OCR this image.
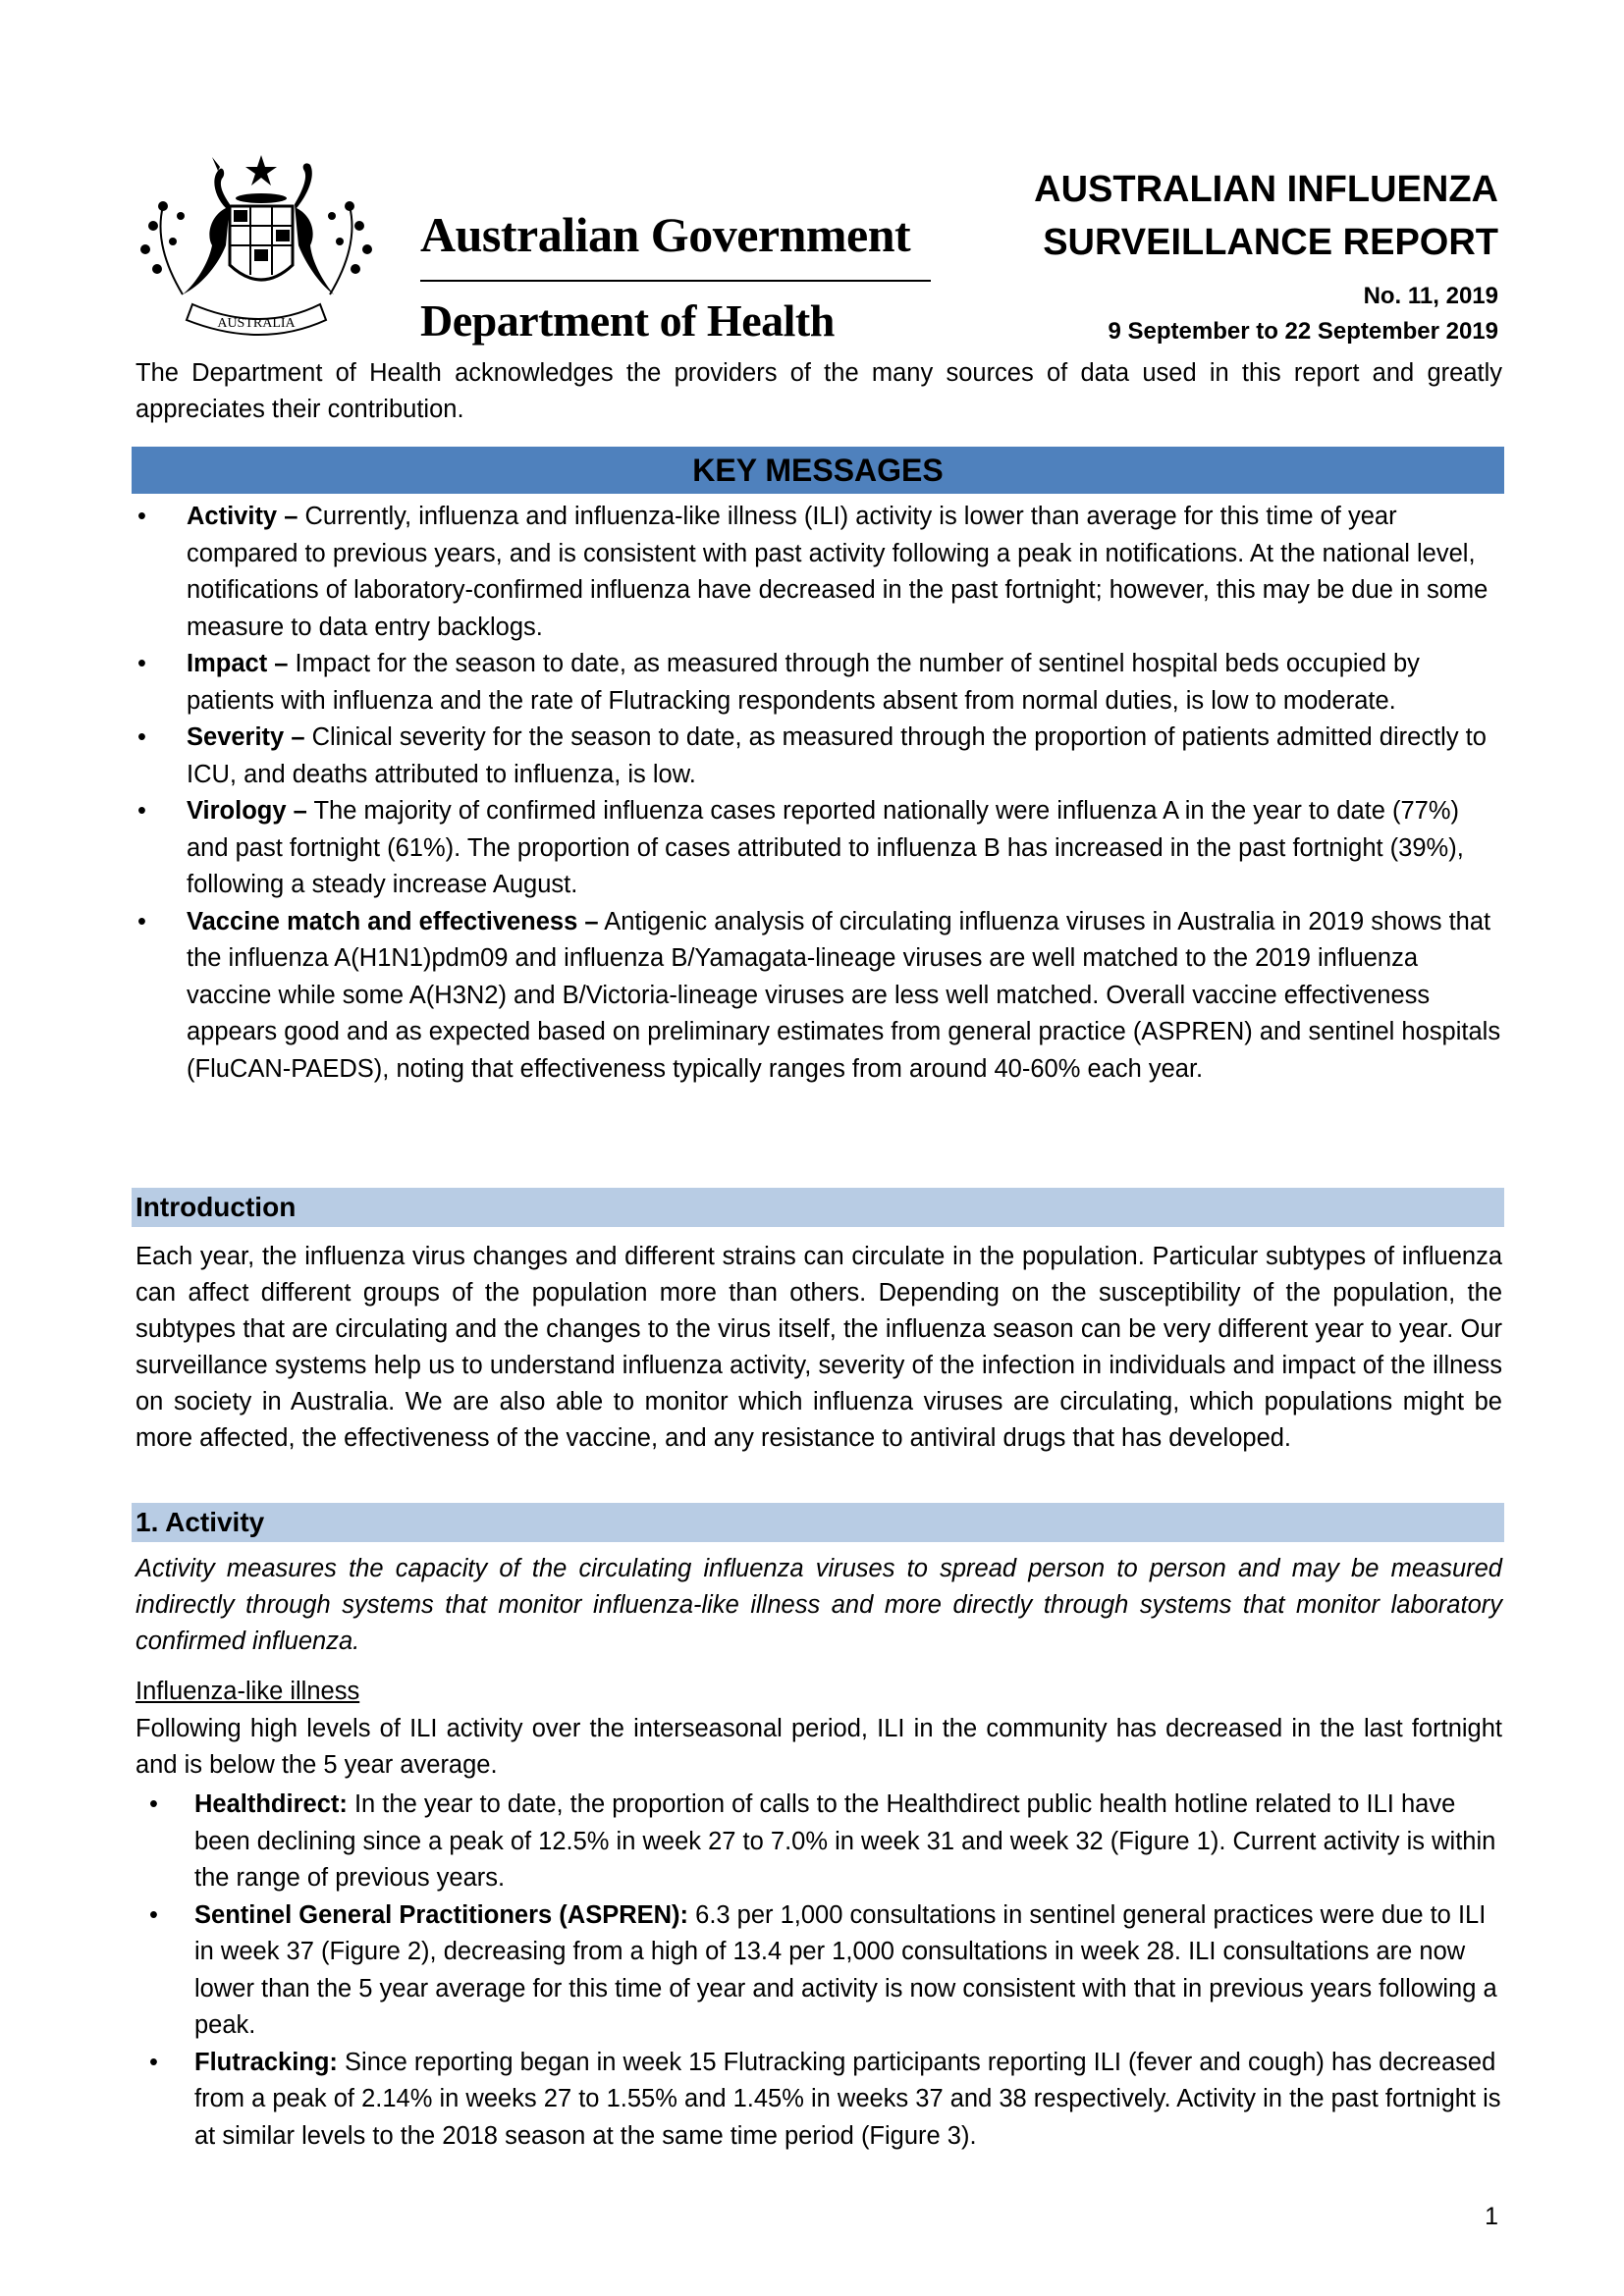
AUSTRALIA
Australian Government
Department of Health
AUSTRALIAN INFLUENZA
SURVEILLANCE REPORT
No. 11, 2019
9 September to 22 September 2019

The Department of Health acknowledges the providers of the many sources of data used in this report and greatly appreciates their contribution.

KEY MESSAGES
• Activity – Currently, influenza and influenza-like illness (ILI) activity is lower than average for this time of year compared to previous years, and is consistent with past activity following a peak in notifications. At the national level, notifications of laboratory-confirmed influenza have decreased in the past fortnight; however, this may be due in some measure to data entry backlogs.
• Impact – Impact for the season to date, as measured through the number of sentinel hospital beds occupied by patients with influenza and the rate of Flutracking respondents absent from normal duties, is low to moderate.
• Severity – Clinical severity for the season to date, as measured through the proportion of patients admitted directly to ICU, and deaths attributed to influenza, is low.
• Virology – The majority of confirmed influenza cases reported nationally were influenza A in the year to date (77%) and past fortnight (61%). The proportion of cases attributed to influenza B has increased in the past fortnight (39%), following a steady increase August.
• Vaccine match and effectiveness – Antigenic analysis of circulating influenza viruses in Australia in 2019 shows that the influenza A(H1N1)pdm09 and influenza B/Yamagata-lineage viruses are well matched to the 2019 influenza vaccine while some A(H3N2) and B/Victoria-lineage viruses are less well matched. Overall vaccine effectiveness appears good and as expected based on preliminary estimates from general practice (ASPREN) and sentinel hospitals (FluCAN-PAEDS), noting that effectiveness typically ranges from around 40-60% each year.
Introduction

Each year, the influenza virus changes and different strains can circulate in the population. Particular subtypes of influenza can affect different groups of the population more than others. Depending on the susceptibility of the population, the subtypes that are circulating and the changes to the virus itself, the influenza season can be very different year to year. Our surveillance systems help us to understand influenza activity, severity of the infection in individuals and impact of the illness on society in Australia. We are also able to monitor which influenza viruses are circulating, which populations might be more affected, the effectiveness of the vaccine, and any resistance to antiviral drugs that has developed.

1. Activity

Activity measures the capacity of the circulating influenza viruses to spread person to person and may be measured indirectly through systems that monitor influenza-like illness and more directly through systems that monitor laboratory confirmed influenza.

Influenza-like illness

Following high levels of ILI activity over the interseasonal period, ILI in the community has decreased in the last fortnight and is below the 5 year average.

• Healthdirect: In the year to date, the proportion of calls to the Healthdirect public health hotline related to ILI have been declining since a peak of 12.5% in week 27 to 7.0% in week 31 and week 32 (Figure 1). Current activity is within the range of previous years.
• Sentinel General Practitioners (ASPREN): 6.3 per 1,000 consultations in sentinel general practices were due to ILI in week 37 (Figure 2), decreasing from a high of 13.4 per 1,000 consultations in week 28. ILI consultations are now lower than the 5 year average for this time of year and activity is now consistent with that in previous years following a peak.
• Flutracking: Since reporting began in week 15 Flutracking participants reporting ILI (fever and cough) has decreased from a peak of 2.14% in weeks 27 to 1.55% and 1.45% in weeks 37 and 38 respectively. Activity in the past fortnight is at similar levels to the 2018 season at the same time period (Figure 3).
1
